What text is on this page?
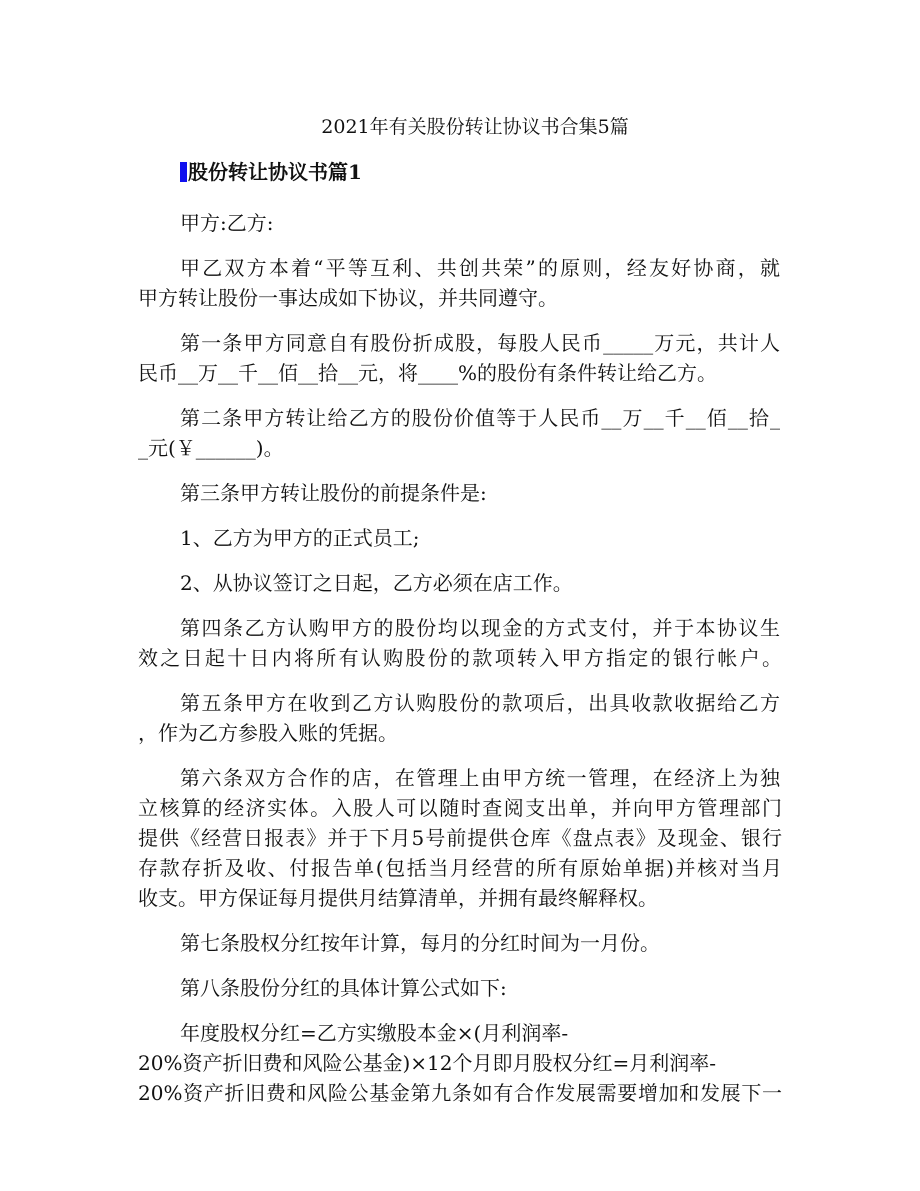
2021年有关股份转让协议书合集5篇
股份转让协议书篇1
甲方:乙方:
甲乙双方本着“平等互利、共创共荣”的原则，经友好协商，就
甲方转让股份一事达成如下协议，并共同遵守。
第一条甲方同意自有股份折成股，每股人民币_____万元，共计人
民币__万__千__佰__拾__元，将____%的股份有条件转让给乙方。
第二条甲方转让给乙方的股份价值等于人民币__万__千__佰__拾_
_元(￥______)。
第三条甲方转让股份的前提条件是:
1、乙方为甲方的正式员工;
2、从协议签订之日起，乙方必须在店工作。
第四条乙方认购甲方的股份均以现金的方式支付，并于本协议生
效之日起十日内将所有认购股份的款项转入甲方指定的银行帐户。
第五条甲方在收到乙方认购股份的款项后，出具收款收据给乙方
，作为乙方参股入账的凭据。
第六条双方合作的店，在管理上由甲方统一管理，在经济上为独
立核算的经济实体。入股人可以随时查阅支出单，并向甲方管理部门
提供《经营日报表》并于下月5号前提供仓库《盘点表》及现金、银行
存款存折及收、付报告单(包括当月经营的所有原始单据)并核对当月
收支。甲方保证每月提供月结算清单，并拥有最终解释权。
第七条股权分红按年计算，每月的分红时间为一月份。
第八条股份分红的具体计算公式如下:
年度股权分红=乙方实缴股本金×(月利润率-
20%资产折旧费和风险公基金)×12个月即月股权分红=月利润率-
20%资产折旧费和风险公基金第九条如有合作发展需要增加和发展下一
